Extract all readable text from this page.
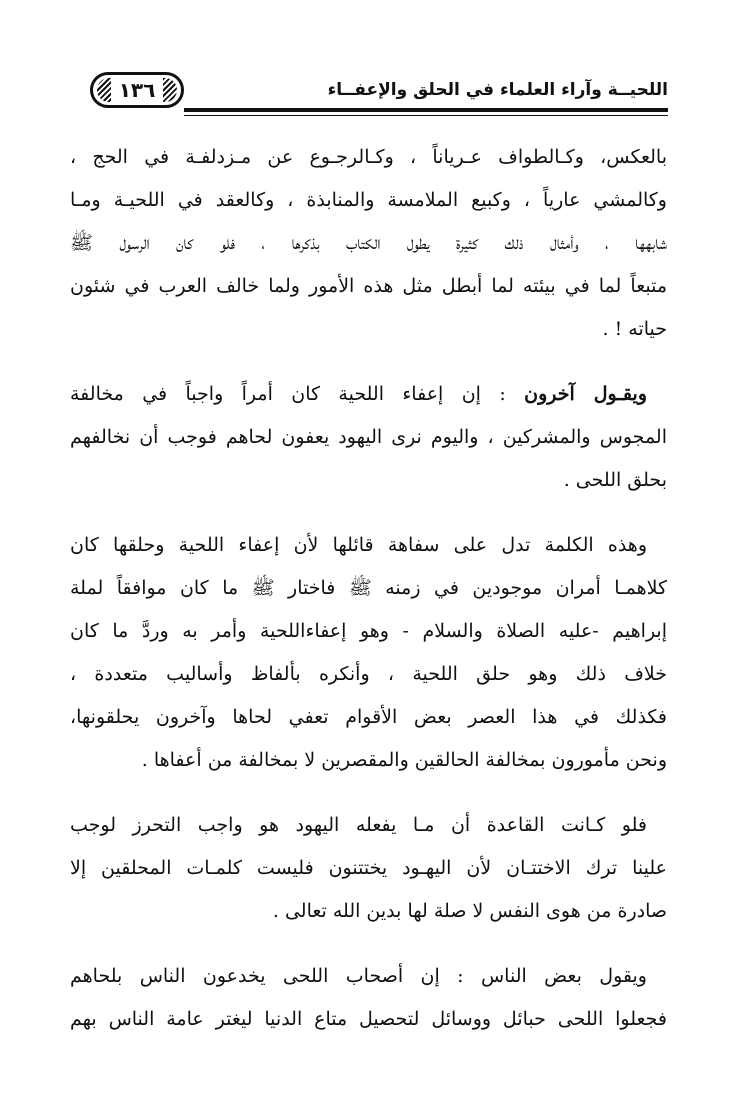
١٣٦	اللحيــة وآراء العلماء في الحلق والإعفــاء
بالعكس، وكـالطواف عـرياناً ، وكـالرجـوع عن مـزدلفـة في الحج ،
وكالمشي عارياً ، وكبيع الملامسة والمنابذة ، وكالعقد في اللحيـة ومـا
شابهها ، وأمثال ذلك كثيرة يطول الكتاب بذكرها ، فلو كان الرسول ﷺ
متبعاً لما في بيئته لما أبطل مثل هذه الأمور ولما خالف العرب في شئون
حياته ! .
ويقـول آخرون : إن إعفاء اللحية كان أمراً واجباً في مخالفة
المجوس والمشركين ، واليوم نرى اليهود يعفون لحاهم فوجب أن نخالفهم
بحلق اللحى .
وهذه الكلمة تدل على سفاهة قائلها لأن إعفاء اللحية وحلقها كان
كلاهمـا أمران موجودين في زمنه ﷺ فاختار ﷺ ما كان موافقاً لملة
إبراهيم -عليه الصلاة والسلام - وهو إعفاءاللحية وأمر به وردَّ ما كان
خلاف ذلك وهو حلق اللحية ، وأنكره بألفاظ وأساليب متعددة ،
فكذلك في هذا العصر بعض الأقوام تعفي لحاها وآخرون يحلقونها،
ونحن مأمورون بمخالفة الحالقين والمقصرين لا بمخالفة من أعفاها .
فلو كـانت القاعدة أن مـا يفعله اليهود هو واجب التحرز لوجب
علينا ترك الاختتـان لأن اليهـود يختتنون فليست كلمـات المحلقين إلا
صادرة من هوى النفس لا صلة لها بدين الله تعالى .
ويقول بعض الناس : إن أصحاب اللحى يخدعون الناس بلحاهم
فجعلوا اللحى حبائل ووسائل لتحصيل متاع الدنيا ليغتر عامة الناس بهم
